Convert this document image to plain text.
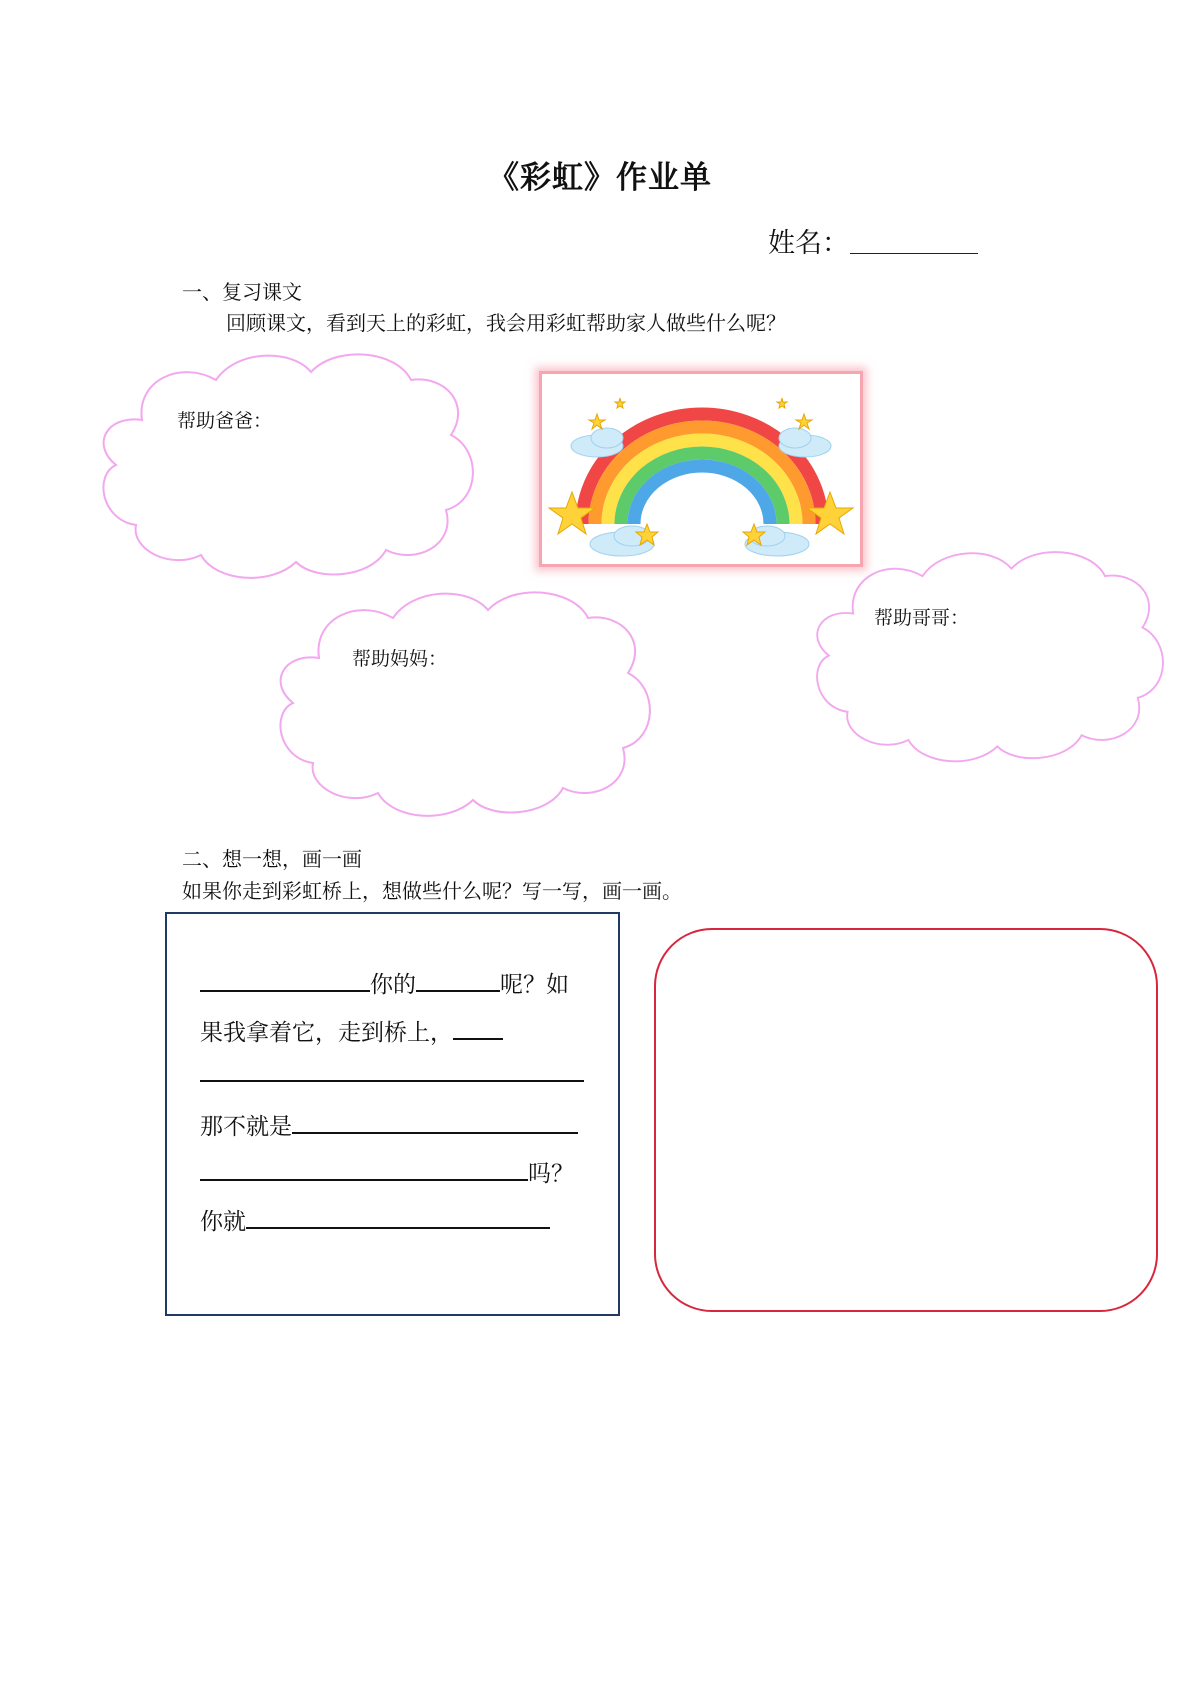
《彩虹》作业单
姓名：
一、复习课文
回顾课文，看到天上的彩虹，我会用彩虹帮助家人做些什么呢？
帮助爸爸：
帮助妈妈：
帮助哥哥：
二、想一想，画一画
如果你走到彩虹桥上，想做些什么呢？写一写，画一画。
你的	呢？如
果我拿着它，走到桥上，
那不就是
吗？
你就
